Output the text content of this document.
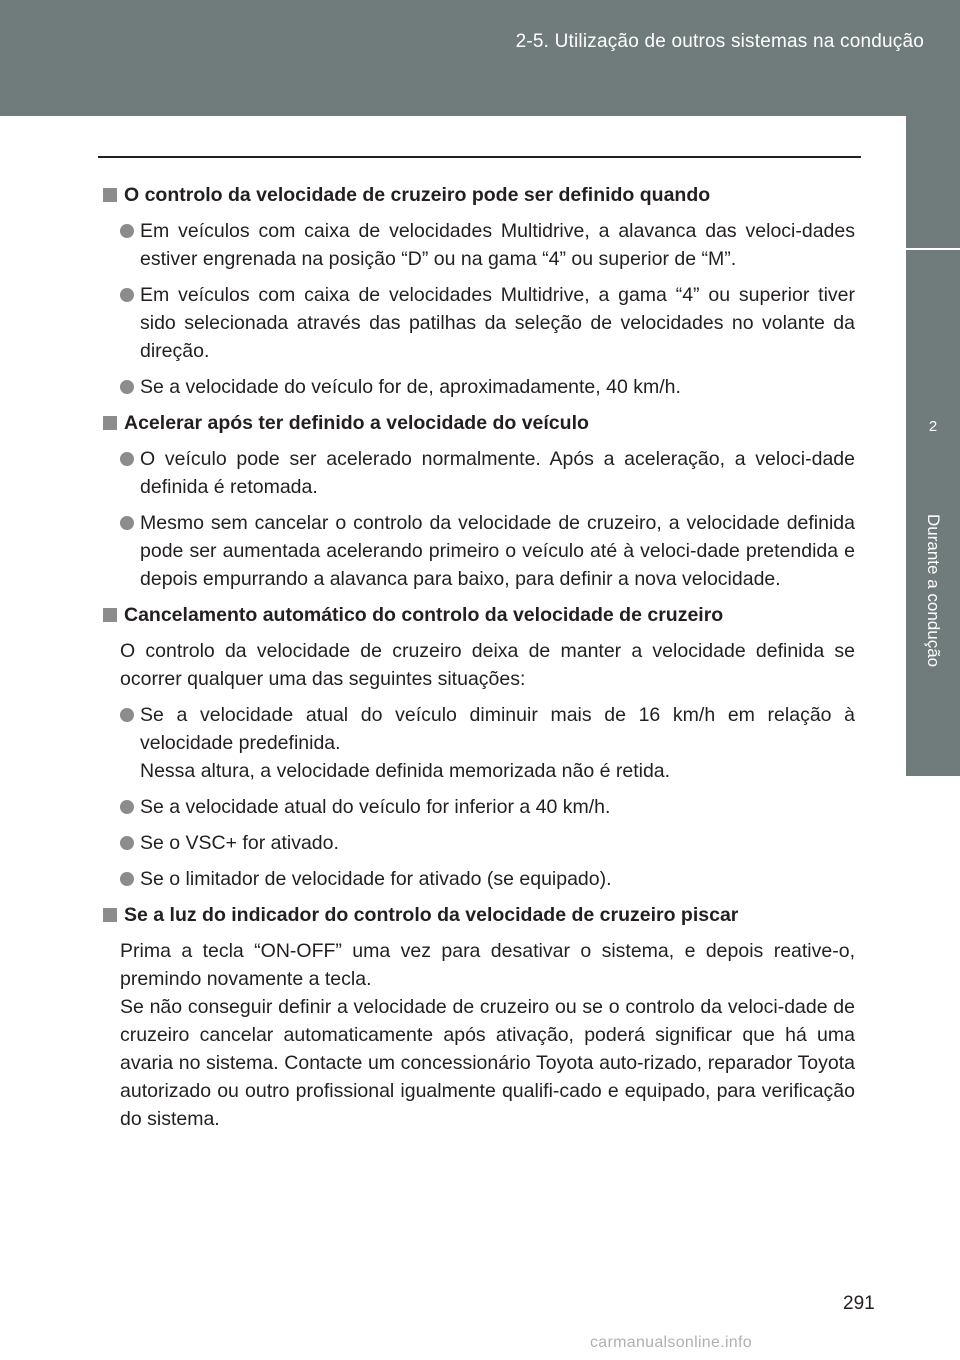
2-5. Utilização de outros sistemas na condução
2
Durante a condução
O controlo da velocidade de cruzeiro pode ser definido quando
Em veículos com caixa de velocidades Multidrive, a alavanca das veloci-dades estiver engrenada na posição “D” ou na gama “4” ou superior de “M”.
Em veículos com caixa de velocidades Multidrive, a gama “4” ou superior tiver sido selecionada através das patilhas da seleção de velocidades no volante da direção.
Se a velocidade do veículo for de, aproximadamente, 40 km/h.
Acelerar após ter definido a velocidade do veículo
O veículo pode ser acelerado normalmente. Após a aceleração, a veloci-dade definida é retomada.
Mesmo sem cancelar o controlo da velocidade de cruzeiro, a velocidade definida pode ser aumentada acelerando primeiro o veículo até à veloci-dade pretendida e depois empurrando a alavanca para baixo, para definir a nova velocidade.
Cancelamento automático do controlo da velocidade de cruzeiro
O controlo da velocidade de cruzeiro deixa de manter a velocidade definida se ocorrer qualquer uma das seguintes situações:
Se a velocidade atual do veículo diminuir mais de 16 km/h em relação à velocidade predefinida.
Nessa altura, a velocidade definida memorizada não é retida.
Se a velocidade atual do veículo for inferior a 40 km/h.
Se o VSC+ for ativado.
Se o limitador de velocidade for ativado (se equipado).
Se a luz do indicador do controlo da velocidade de cruzeiro piscar
Prima a tecla “ON-OFF” uma vez para desativar o sistema, e depois reative-o, premindo novamente a tecla.
Se não conseguir definir a velocidade de cruzeiro ou se o controlo da veloci-dade de cruzeiro cancelar automaticamente após ativação, poderá significar que há uma avaria no sistema. Contacte um concessionário Toyota auto-rizado, reparador Toyota autorizado ou outro profissional igualmente qualifi-cado e equipado, para verificação do sistema.
291
carmanualsonline.info
